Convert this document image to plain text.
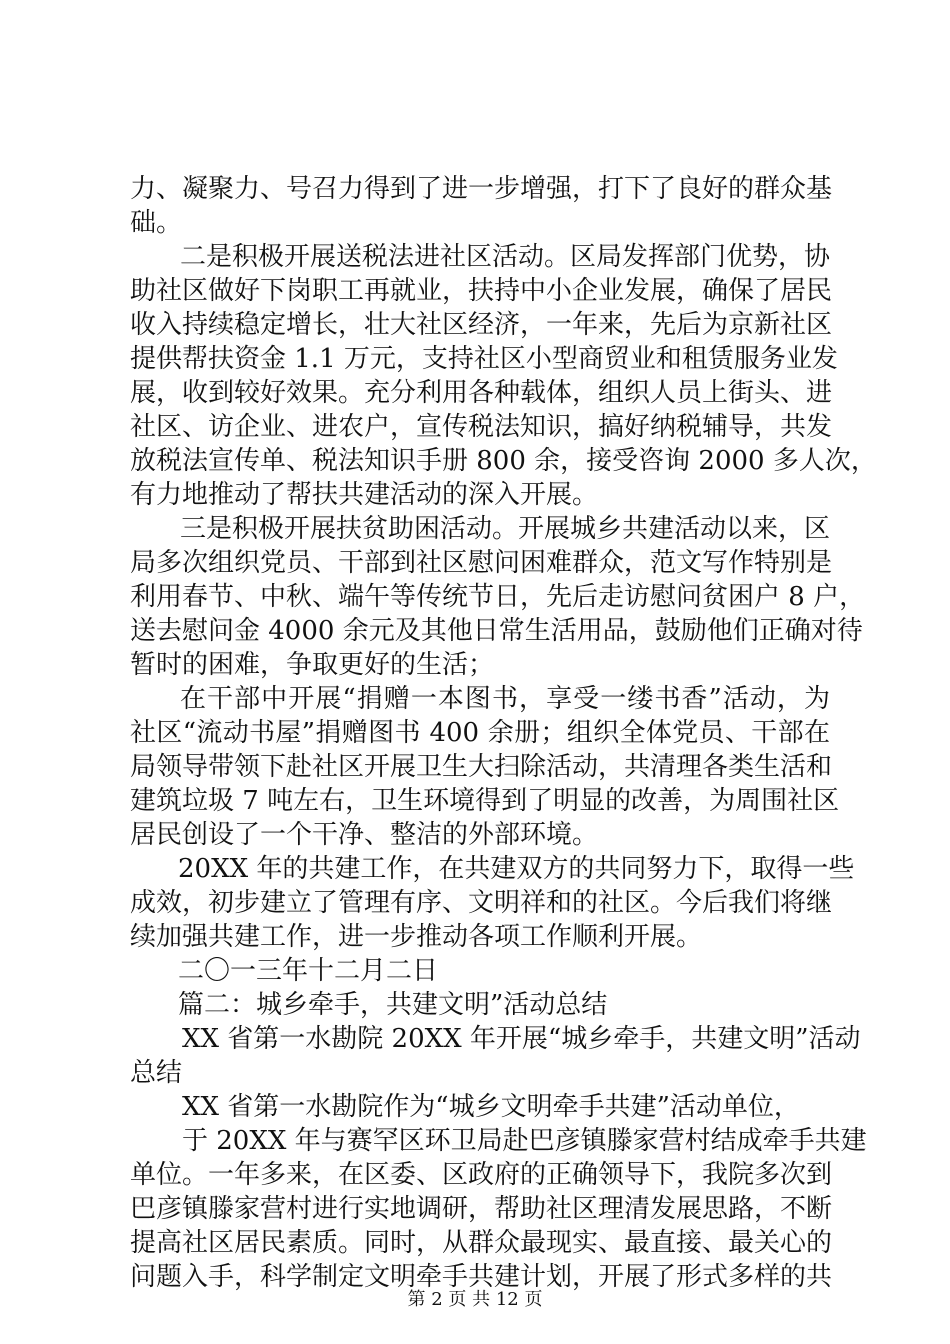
力、凝聚力、号召力得到了进一步增强，打下了良好的群众基
础。
二是积极开展送税法进社区活动。区局发挥部门优势，协
助社区做好下岗职工再就业，扶持中小企业发展，确保了居民
收入持续稳定增长，壮大社区经济，一年来，先后为京新社区
提供帮扶资金 1.1 万元，支持社区小型商贸业和租赁服务业发
展，收到较好效果。充分利用各种载体，组织人员上街头、进
社区、访企业、进农户，宣传税法知识，搞好纳税辅导，共发
放税法宣传单、税法知识手册 800 余，接受咨询 2000 多人次，
有力地推动了帮扶共建活动的深入开展。
三是积极开展扶贫助困活动。开展城乡共建活动以来，区
局多次组织党员、干部到社区慰问困难群众，范文写作特别是
利用春节、中秋、端午等传统节日，先后走访慰问贫困户 8 户，
送去慰问金 4000 余元及其他日常生活用品，鼓励他们正确对待
暂时的困难，争取更好的生活；
在干部中开展“捐赠一本图书，享受一缕书香”活动，为
社区“流动书屋”捐赠图书 400 余册；组织全体党员、干部在
局领导带领下赴社区开展卫生大扫除活动，共清理各类生活和
建筑垃圾 7 吨左右，卫生环境得到了明显的改善，为周围社区
居民创设了一个干净、整洁的外部环境。
20XX 年的共建工作，在共建双方的共同努力下，取得一些
成效，初步建立了管理有序、文明祥和的社区。今后我们将继
续加强共建工作，进一步推动各项工作顺利开展。
二〇一三年十二月二日
篇二：城乡牵手，共建文明”活动总结
XX 省第一水勘院 20XX 年开展“城乡牵手，共建文明”活动
总结
XX 省第一水勘院作为“城乡文明牵手共建”活动单位，
于 20XX 年与赛罕区环卫局赴巴彦镇滕家营村结成牵手共建
单位。一年多来，在区委、区政府的正确领导下，我院多次到
巴彦镇滕家营村进行实地调研，帮助社区理清发展思路，不断
提高社区居民素质。同时，从群众最现实、最直接、最关心的
问题入手，科学制定文明牵手共建计划，开展了形式多样的共
第 2 页 共 12 页
